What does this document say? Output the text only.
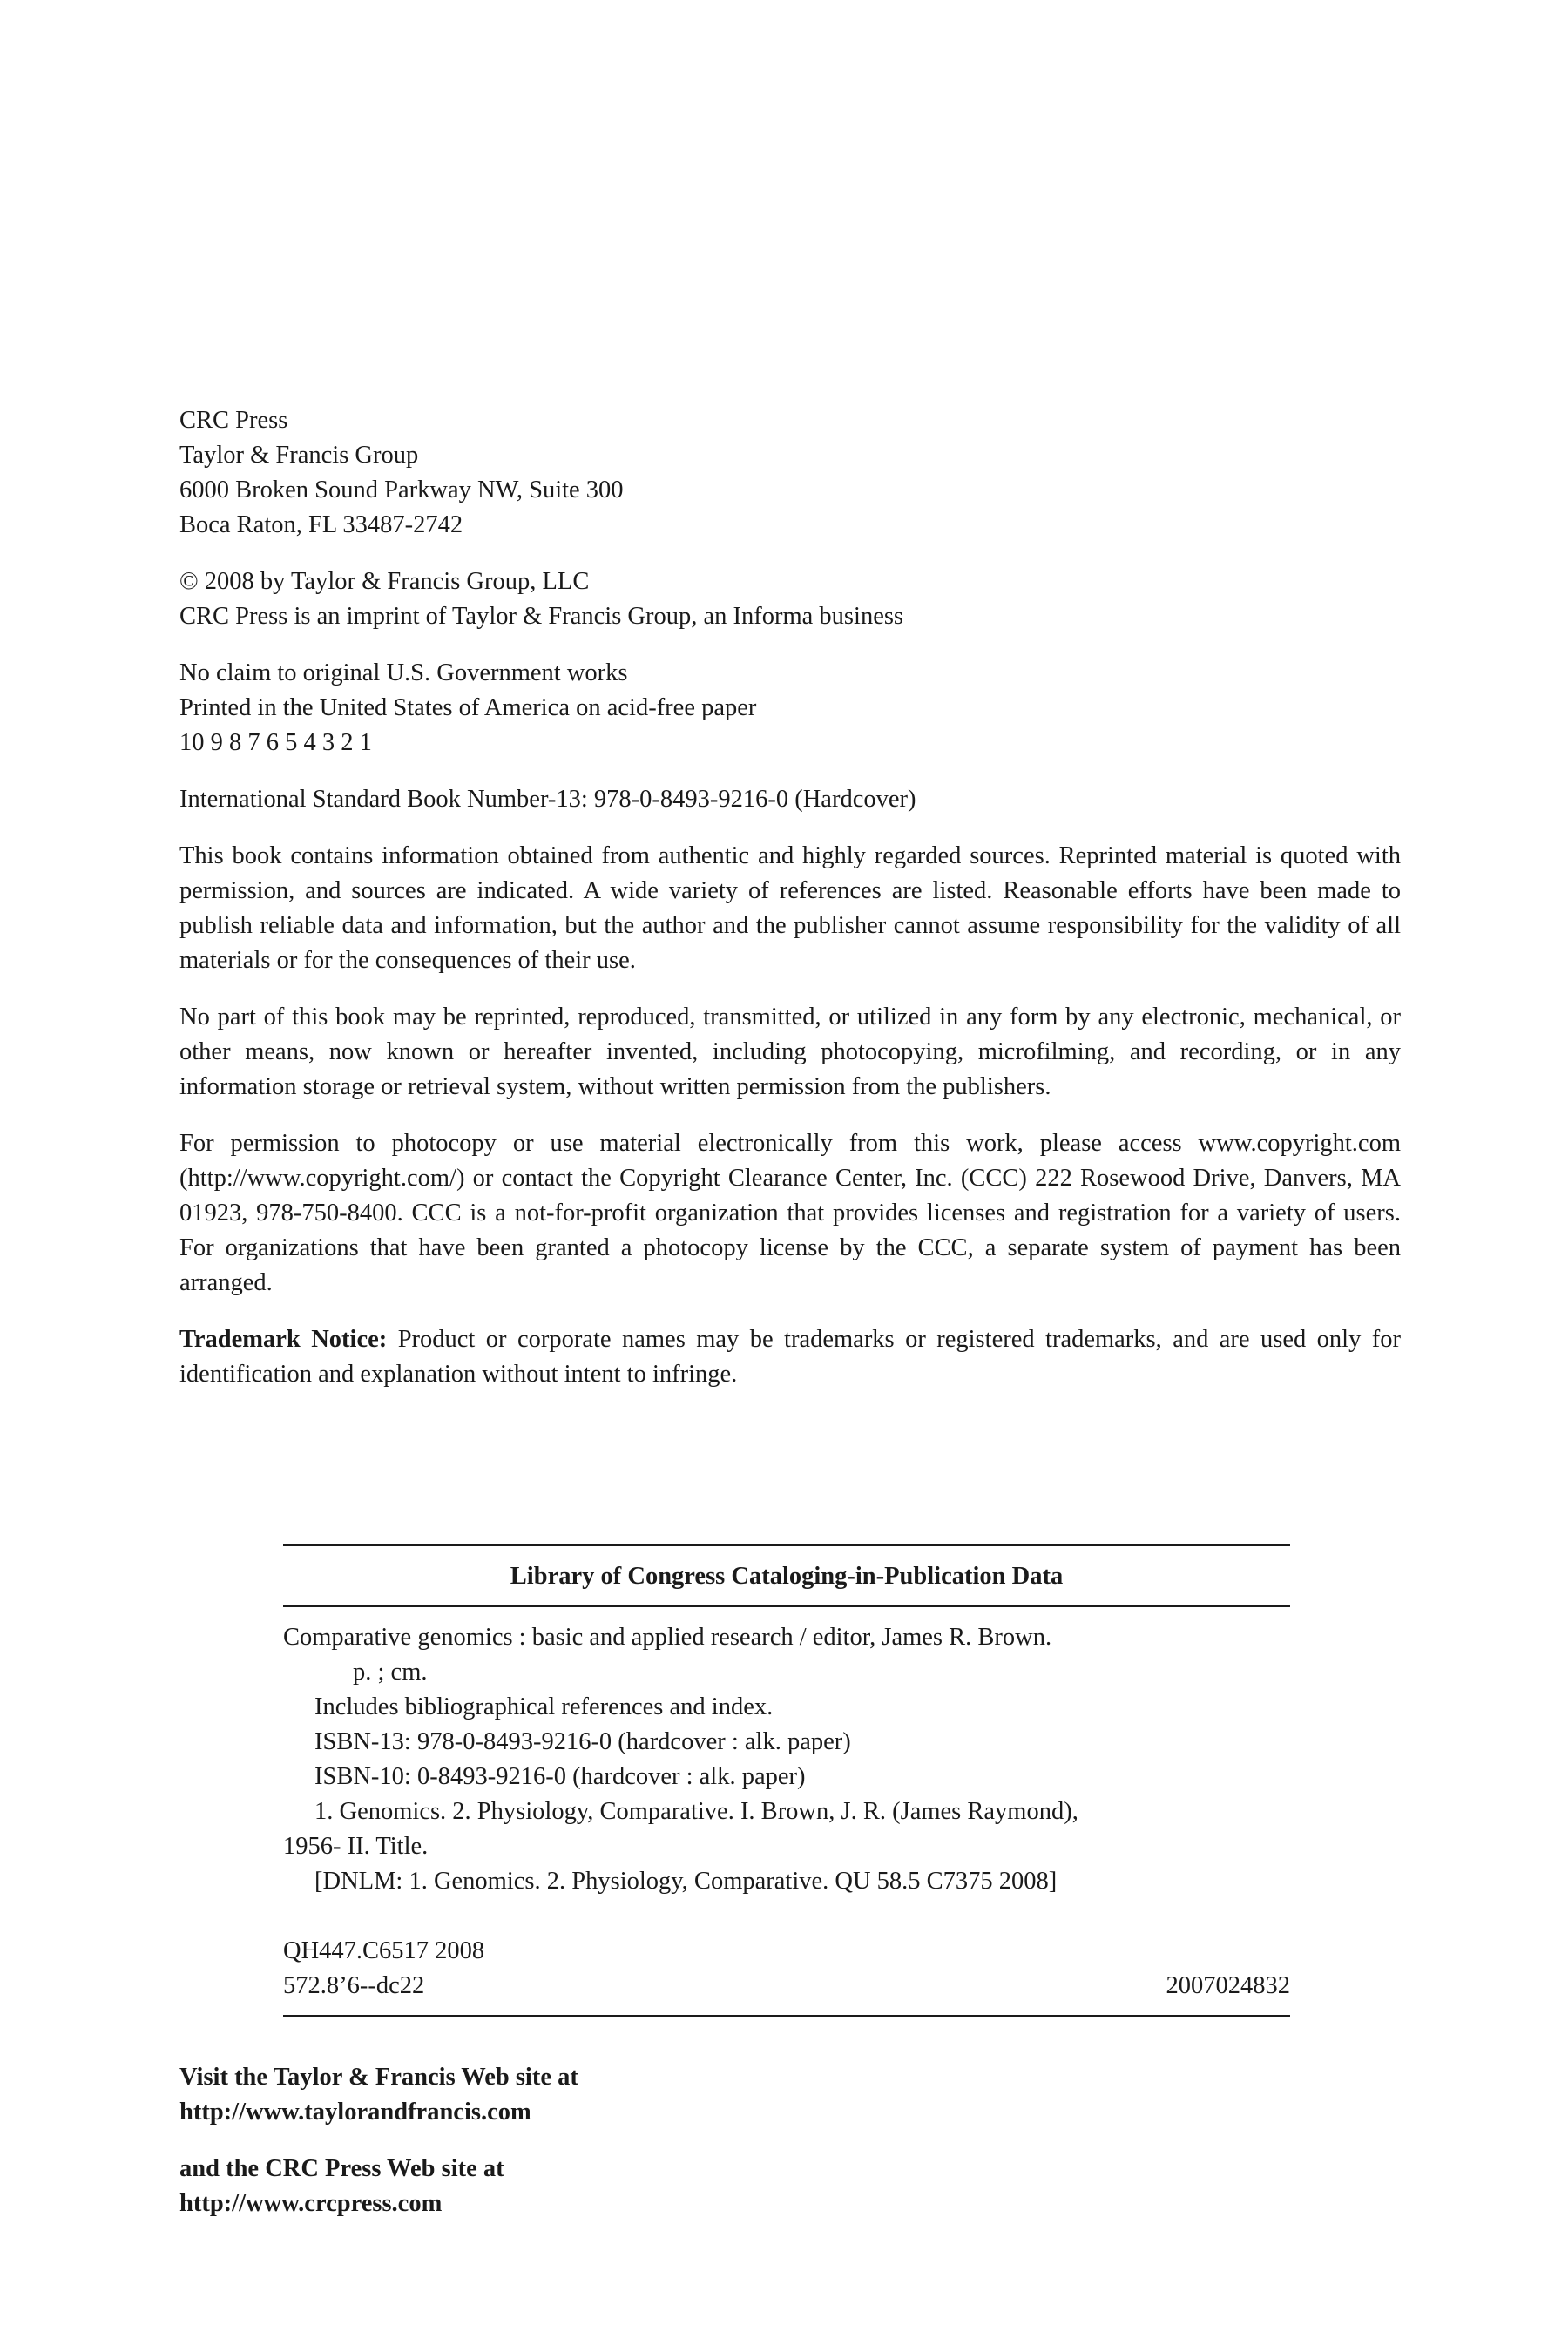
CRC Press
Taylor & Francis Group
6000 Broken Sound Parkway NW, Suite 300
Boca Raton, FL 33487-2742
© 2008 by Taylor & Francis Group, LLC
CRC Press is an imprint of Taylor & Francis Group, an Informa business
No claim to original U.S. Government works
Printed in the United States of America on acid-free paper
10 9 8 7 6 5 4 3 2 1
International Standard Book Number-13: 978-0-8493-9216-0 (Hardcover)

This book contains information obtained from authentic and highly regarded sources. Reprinted material is quoted with permission, and sources are indicated. A wide variety of references are listed. Reasonable efforts have been made to publish reliable data and information, but the author and the publisher cannot assume responsibility for the validity of all materials or for the consequences of their use.

No part of this book may be reprinted, reproduced, transmitted, or utilized in any form by any electronic, mechanical, or other means, now known or hereafter invented, including photocopying, microfilming, and recording, or in any information storage or retrieval system, without written permission from the publishers.

For permission to photocopy or use material electronically from this work, please access www.copyright.com (http://www.copyright.com/) or contact the Copyright Clearance Center, Inc. (CCC) 222 Rosewood Drive, Danvers, MA 01923, 978-750-8400. CCC is a not-for-profit organization that provides licenses and registration for a variety of users. For organizations that have been granted a photocopy license by the CCC, a separate system of payment has been arranged.

Trademark Notice: Product or corporate names may be trademarks or registered trademarks, and are used only for identification and explanation without intent to infringe.

Library of Congress Cataloging-in-Publication Data
Comparative genomics : basic and applied research / editor, James R. Brown.
p. ; cm.
Includes bibliographical references and index.
ISBN-13: 978-0-8493-9216-0 (hardcover : alk. paper)
ISBN-10: 0-8493-9216-0 (hardcover : alk. paper)
1. Genomics. 2. Physiology, Comparative. I. Brown, J. R. (James Raymond),
1956- II. Title.
[DNLM: 1. Genomics. 2. Physiology, Comparative. QU 58.5 C7375 2008]
QH447.C6517 2008
572.8’6--dc22	2007024832
Visit the Taylor & Francis Web site at
http://www.taylorandfrancis.com
and the CRC Press Web site at
http://www.crcpress.com
